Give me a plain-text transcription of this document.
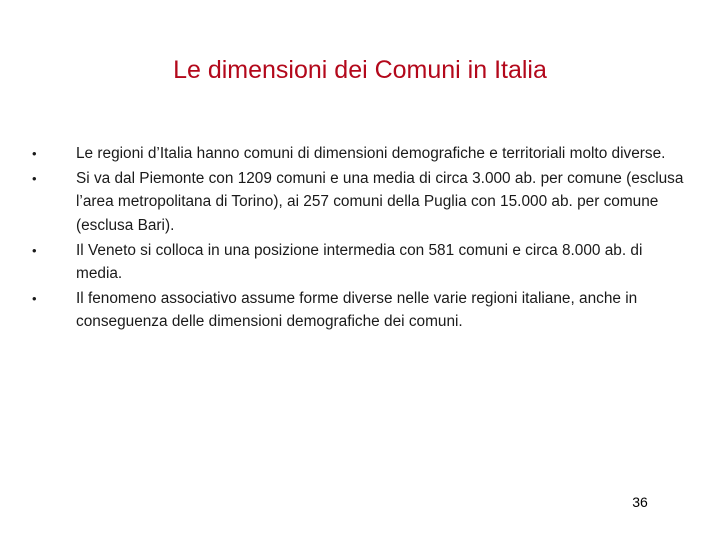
Le dimensioni dei Comuni in Italia
•	Le regioni d’Italia hanno comuni di dimensioni demografiche e territoriali molto diverse.
•	Si va dal Piemonte con 1209 comuni e una media di circa 3.000 ab. per comune (esclusa l’area metropolitana di Torino), ai 257 comuni della Puglia con 15.000 ab. per comune (esclusa Bari).
•	Il Veneto si colloca in una posizione intermedia con 581 comuni e circa 8.000 ab. di media.
•	Il fenomeno associativo assume forme diverse nelle varie regioni italiane, anche in conseguenza delle dimensioni demografiche dei comuni.
36
